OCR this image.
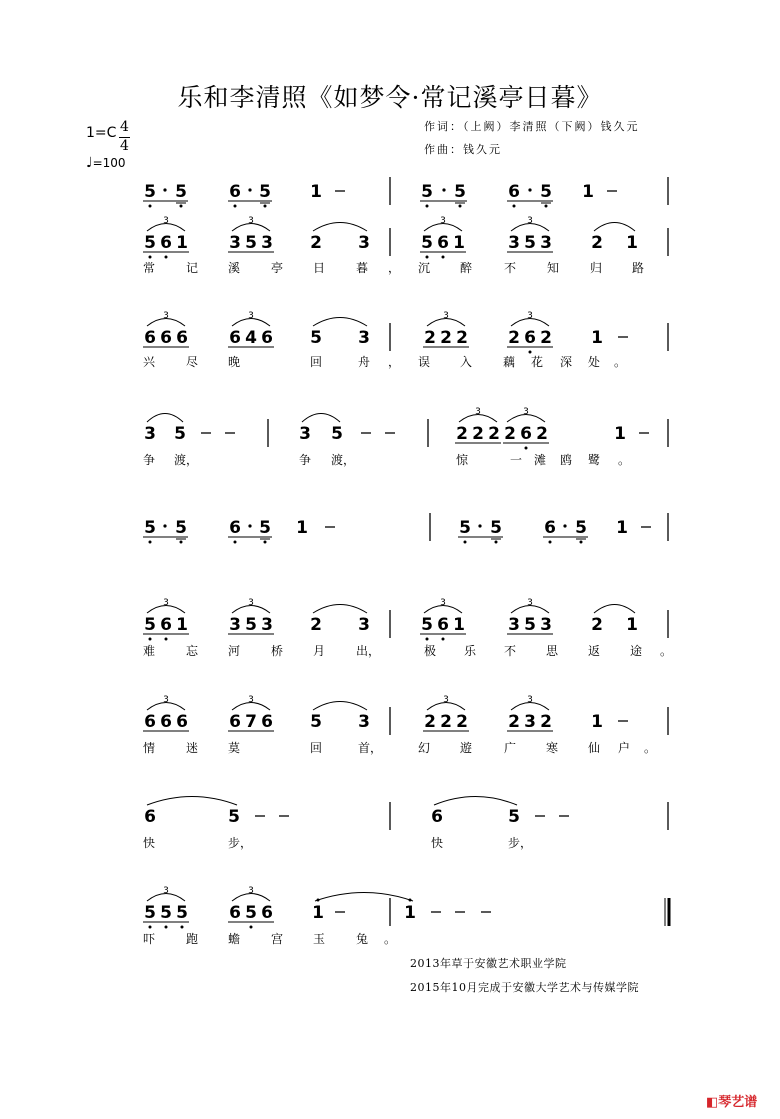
乐和李清照《如梦令·常记溪亭日暮》
作词：（上阙）李清照（下阙）钱久元
作曲：钱久元
1=C 4
4
♩=100
5 5 6 5 1	5 5 6 5 1
5 6 1 3 5 3 2 3	5 6 1	3 5 3 2 1
3	3	3	3
6 6 6 6 4 6 5 3	2 2 2 2 6 2 1
3	3	3	3
3 5	3 5	2 2 2 2 6 2	1
3	3
5 5 6 5 1	5 5 6 5 1
5 6 1 3 5 3 2 3	5 6 1	3 5 3 2 1
3	3	3	3
6 6 6 6 7 6 5 3	2 2 2 2 3 2 1
3	3	3	3
6	5	6	5
5 5 5 6 5 6 1	1
3	3
常	记 溪	亭 日	暮 ， 沉 醉	不	知	归 路
兴	尽 晚	回	舟 ， 误 入	藕 花 深 处 。
争 渡，	争 渡，	惊	一 滩 鸥 鹭 。
难	忘 河	桥 月	出，	极 乐 不 思 返 途 。
情	迷 莫	回	首，	幻 遊	广 寒 仙 户 。
快	步，	快	步，
吓	跑 蟾	宫 玉	兔 。
2013年草于安徽艺术职业学院
2015年10月完成于安徽大学艺术与传媒学院
◧琴艺谱
